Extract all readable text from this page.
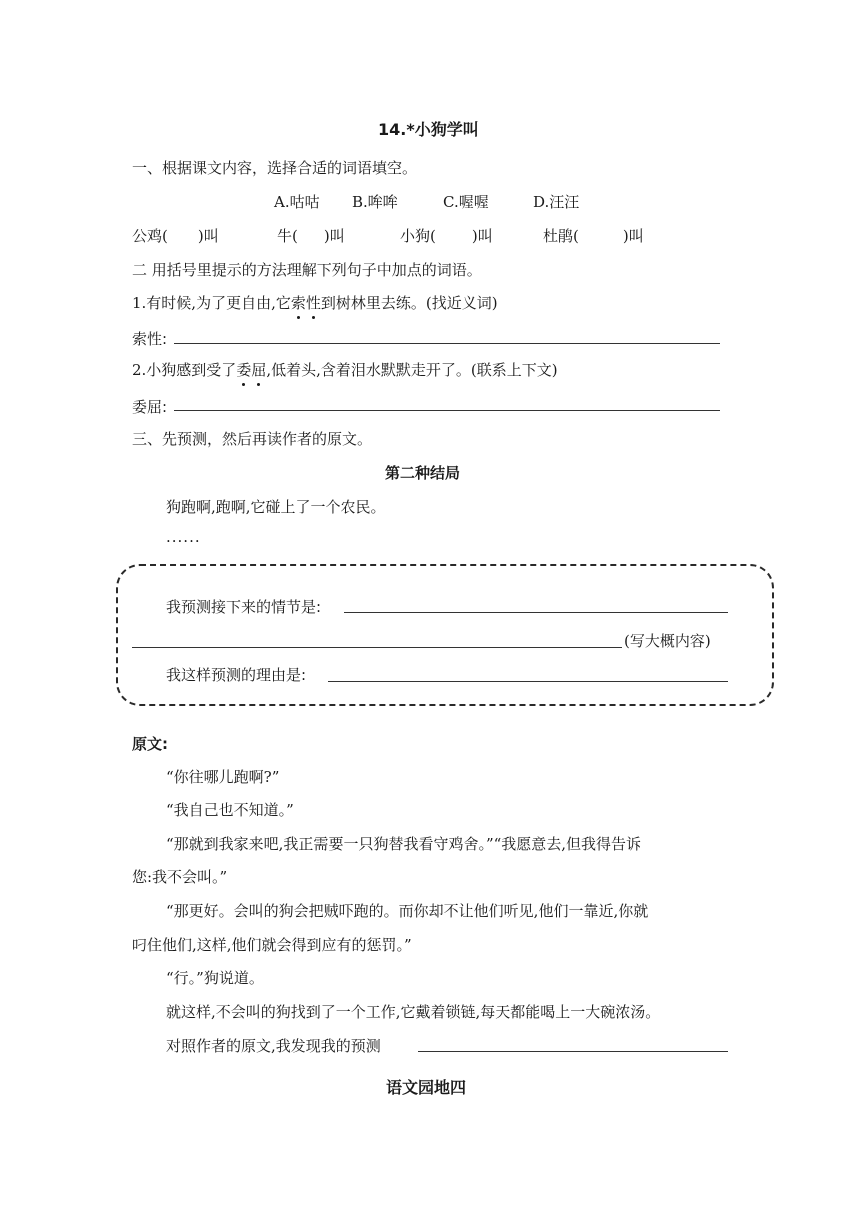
14.*小狗学叫
一、根据课文内容，选择合适的词语填空。
A.咕咕 B.哞哞	C.喔喔	D.汪汪
公鸡( )叫	牛( )叫	小狗( )叫	杜鹃(	)叫
二 用括号里提示的方法理解下列句子中加点的词语。
1.有时候,为了更自由,它索性到树林里去练。(找近义词)
索性:
2.小狗感到受了委屈,低着头,含着泪水默默走开了。(联系上下文)
委屈:
三、先预测，然后再读作者的原文。
第二种结局
狗跑啊,跑啊,它碰上了一个农民。
......
我预测接下来的情节是:
(写大概内容)
我这样预测的理由是:
原文:
“你往哪儿跑啊?”
“我自己也不知道。”
“那就到我家来吧,我正需要一只狗替我看守鸡舍。”“我愿意去,但我得告诉
您:我不会叫。”
“那更好。会叫的狗会把贼吓跑的。而你却不让他们听见,他们一靠近,你就
叼住他们,这样,他们就会得到应有的惩罚。”
“行。”狗说道。
就这样,不会叫的狗找到了一个工作,它戴着锁链,每天都能喝上一大碗浓汤。
对照作者的原文,我发现我的预测
语文园地四
